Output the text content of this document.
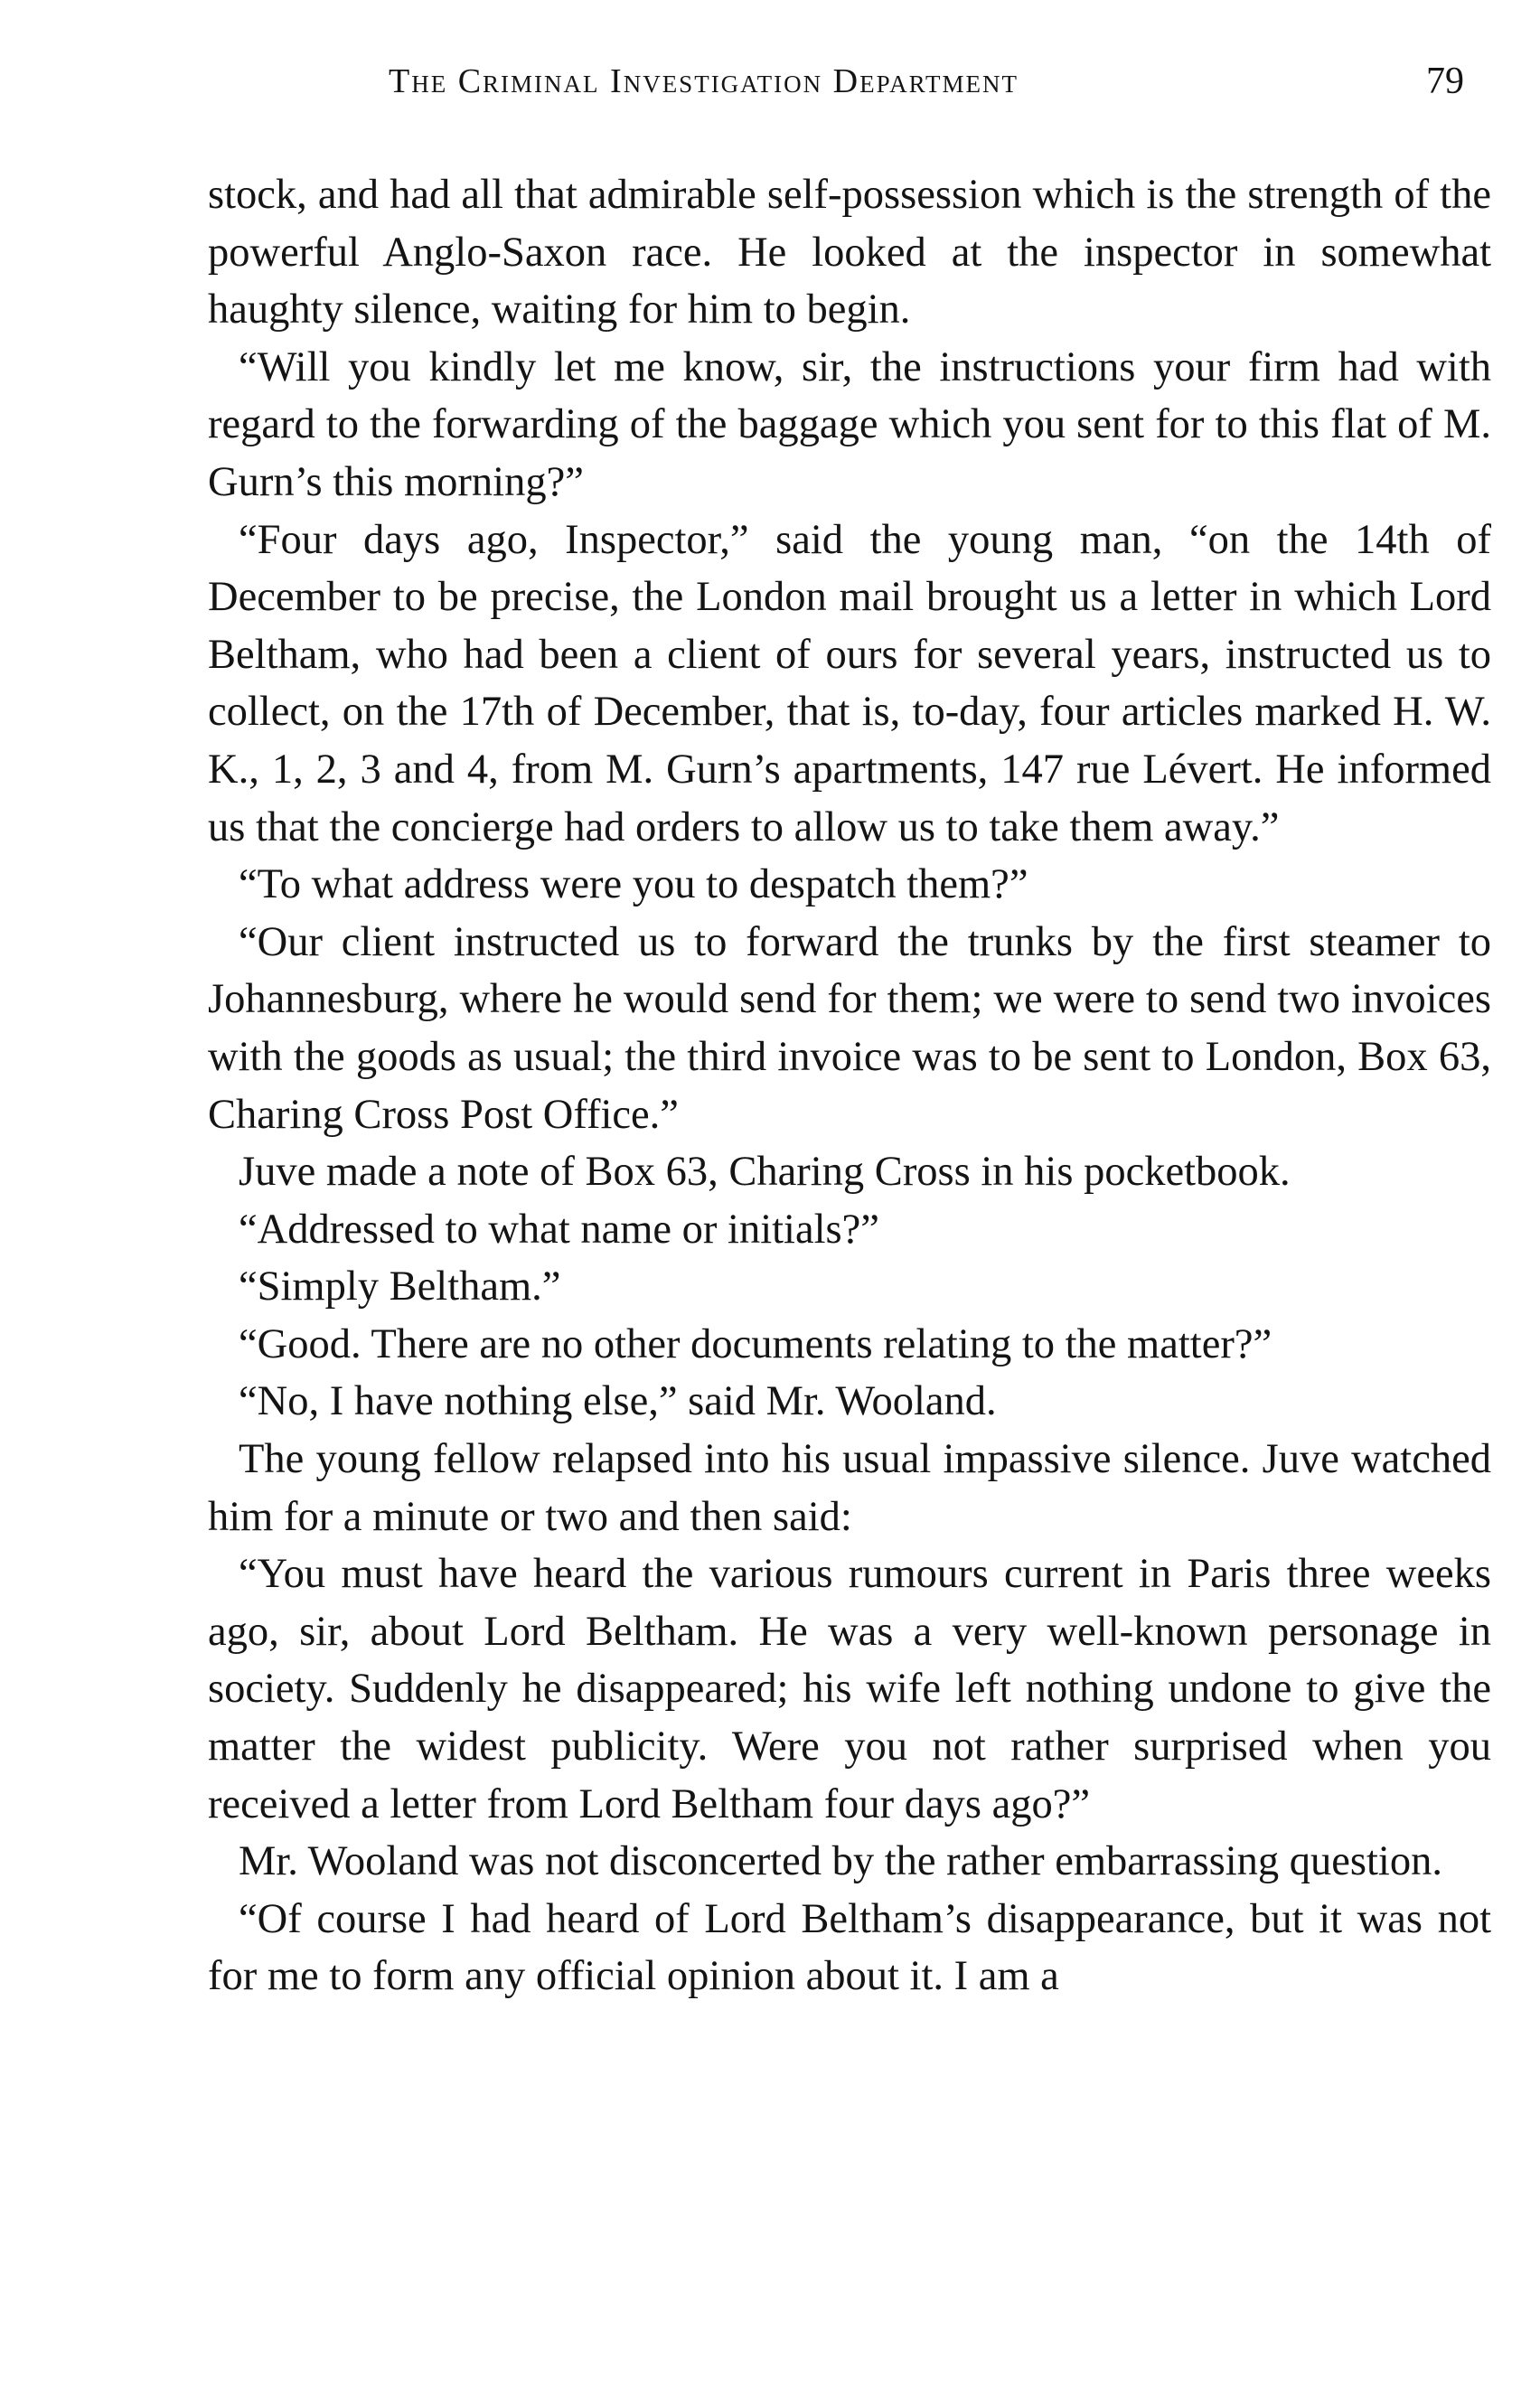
The Criminal Investigation Department	79

stock, and had all that admirable self-possession which is the strength of the powerful Anglo-Saxon race. He looked at the inspector in somewhat haughty silence, waiting for him to begin.

“Will you kindly let me know, sir, the instructions your firm had with regard to the forwarding of the baggage which you sent for to this flat of M. Gurn’s this morning?”

“Four days ago, Inspector,” said the young man, “on the 14th of December to be precise, the London mail brought us a letter in which Lord Beltham, who had been a client of ours for several years, instructed us to collect, on the 17th of December, that is, to-day, four articles marked H. W. K., 1, 2, 3 and 4, from M. Gurn’s apartments, 147 rue Lévert. He informed us that the concierge had orders to allow us to take them away.”

“To what address were you to despatch them?”

“Our client instructed us to forward the trunks by the first steamer to Johannesburg, where he would send for them; we were to send two invoices with the goods as usual; the third invoice was to be sent to London, Box 63, Charing Cross Post Office.”

Juve made a note of Box 63, Charing Cross in his pocketbook.

“Addressed to what name or initials?”

“Simply Beltham.”

“Good. There are no other documents relating to the matter?”

“No, I have nothing else,” said Mr. Wooland.

The young fellow relapsed into his usual impassive silence. Juve watched him for a minute or two and then said:

“You must have heard the various rumours current in Paris three weeks ago, sir, about Lord Beltham. He was a very well-known personage in society. Suddenly he disappeared; his wife left nothing undone to give the matter the widest publicity. Were you not rather surprised when you received a letter from Lord Beltham four days ago?”

Mr. Wooland was not disconcerted by the rather embarrassing question.

“Of course I had heard of Lord Beltham’s disappearance, but it was not for me to form any official opinion about it. I am a
